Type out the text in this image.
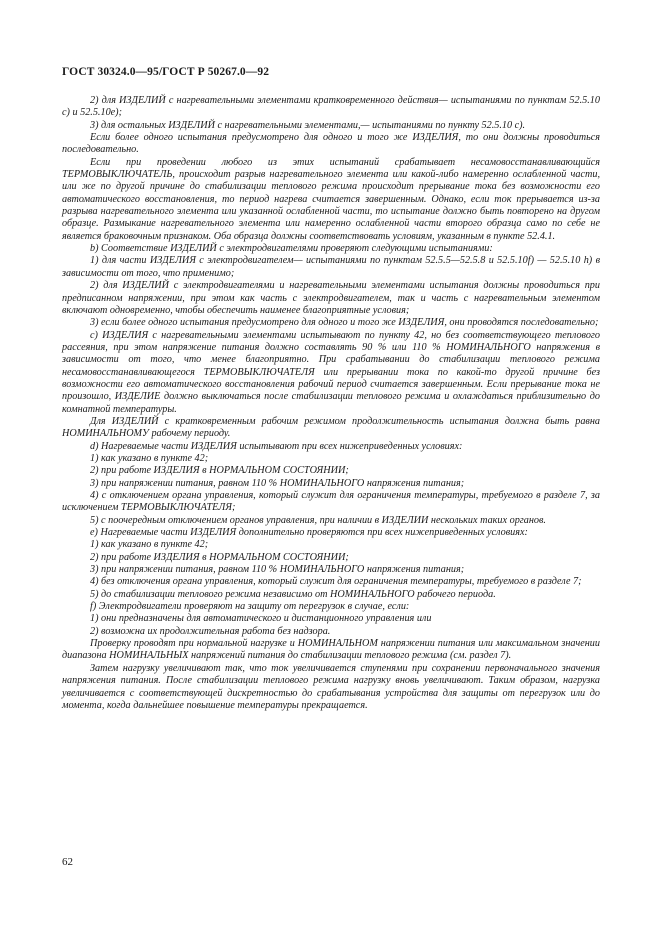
ГОСТ 30324.0—95/ГОСТ Р 50267.0—92

2) для ИЗДЕЛИЙ с нагревательными элементами кратковременного действия— испытаниями по пунктам 52.5.10 с) и 52.5.10е);

3) для остальных ИЗДЕЛИЙ с нагревательными элементами,— испытаниями по пункту 52.5.10 с).

Если более одного испытания предусмотрено для одного и того же ИЗДЕЛИЯ, то они должны проводиться последовательно.

Если при проведении любого из этих испытаний срабатывает несамовосстанавливающийся ТЕРМОВЫКЛЮЧАТЕЛЬ, происходит разрыв нагревательного элемента или какой-либо намеренно ослабленной части, или же по другой причине до стабилизации теплового режима происходит прерывание тока без возможности его автоматического восстановления, то период нагрева считается завершенным. Однако, если ток прерывается из-за разрыва нагревательного элемента или указанной ослабленной части, то испытание должно быть повторено на другом образце. Размыкание нагревательного элемента или намеренно ослабленной части второго образца само по себе не является браковочным признаком. Оба образца должны соответствовать условиям, указанным в пункте 52.4.1.

b) Соответствие ИЗДЕЛИЙ с электродвигателями проверяют следующими испытаниями:

1) для части ИЗДЕЛИЯ с электродвигателем— испытаниями по пунктам 52.5.5—52.5.8 и 52.5.10f) — 52.5.10 h) в зависимости от того, что применимо;

2) для ИЗДЕЛИЙ с электродвигателями и нагревательными элементами испытания должны проводиться при предписанном напряжении, при этом как часть с электродвигателем, так и часть с нагревательным элементом включают одновременно, чтобы обеспечить наименее благоприятные условия;

3) если более одного испытания предусмотрено для одного и того же ИЗДЕЛИЯ, они проводятся последовательно;

c) ИЗДЕЛИЯ с нагревательными элементами испытывают по пункту 42, но без соответствующего теплового рассеяния, при этом напряжение питания должно составлять 90 % или 110 % НОМИНАЛЬНОГО напряжения в зависимости от того, что менее благоприятно. При срабатывании до стабилизации теплового режима несамовосстанавливающегося ТЕРМОВЫКЛЮЧАТЕЛЯ или прерывании тока по какой-то другой причине без возможности его автоматического восстановления рабочий период считается завершенным. Если прерывание тока не произошло, ИЗДЕЛИЕ должно выключаться после стабилизации теплового режима и охлаждаться приблизительно до комнатной температуры.

Для ИЗДЕЛИЙ с кратковременным рабочим режимом продолжительность испытания должна быть равна НОМИНАЛЬНОМУ рабочему периоду.

d) Нагреваемые части ИЗДЕЛИЯ испытывают при всех нижеприведенных условиях:

1) как указано в пункте 42;

2) при работе ИЗДЕЛИЯ в НОРМАЛЬНОМ СОСТОЯНИИ;

3) при напряжении питания, равном 110 % НОМИНАЛЬНОГО напряжения питания;

4) с отключением органа управления, который служит для ограничения температуры, требуемого в разделе 7, за исключением ТЕРМОВЫКЛЮЧАТЕЛЯ;

5) с поочередным отключением органов управления, при наличии в ИЗДЕЛИИ нескольких таких органов.

e) Нагреваемые части ИЗДЕЛИЯ дополнительно проверяются при всех нижеприведенных условиях:

1) как указано в пункте 42;

2) при работе ИЗДЕЛИЯ в НОРМАЛЬНОМ СОСТОЯНИИ;

3) при напряжении питания, равном 110 % НОМИНАЛЬНОГО напряжения питания;

4) без отключения органа управления, который служит для ограничения температуры, требуемого в разделе 7;

5) до стабилизации теплового режима независимо от НОМИНАЛЬНОГО рабочего периода.

f) Электродвигатели проверяют на защиту от перегрузок в случае, если:

1) они предназначены для автоматического и дистанционного управления или

2) возможна их продолжительная работа без надзора.

Проверку проводят при нормальной нагрузке и НОМИНАЛЬНОМ напряжении питания или максимальном значении диапазона НОМИНАЛЬНЫХ напряжений питания до стабилизации теплового режима (см. раздел 7).

Затем нагрузку увеличивают так, что ток увеличивается ступенями при сохранении первоначального значения напряжения питания. После стабилизации теплового режима нагрузку вновь увеличивают. Таким образом, нагрузка увеличивается с соответствующей дискретностью до срабатывания устройства для защиты от перегрузок или до момента, когда дальнейшее повышение температуры прекращается.

62
